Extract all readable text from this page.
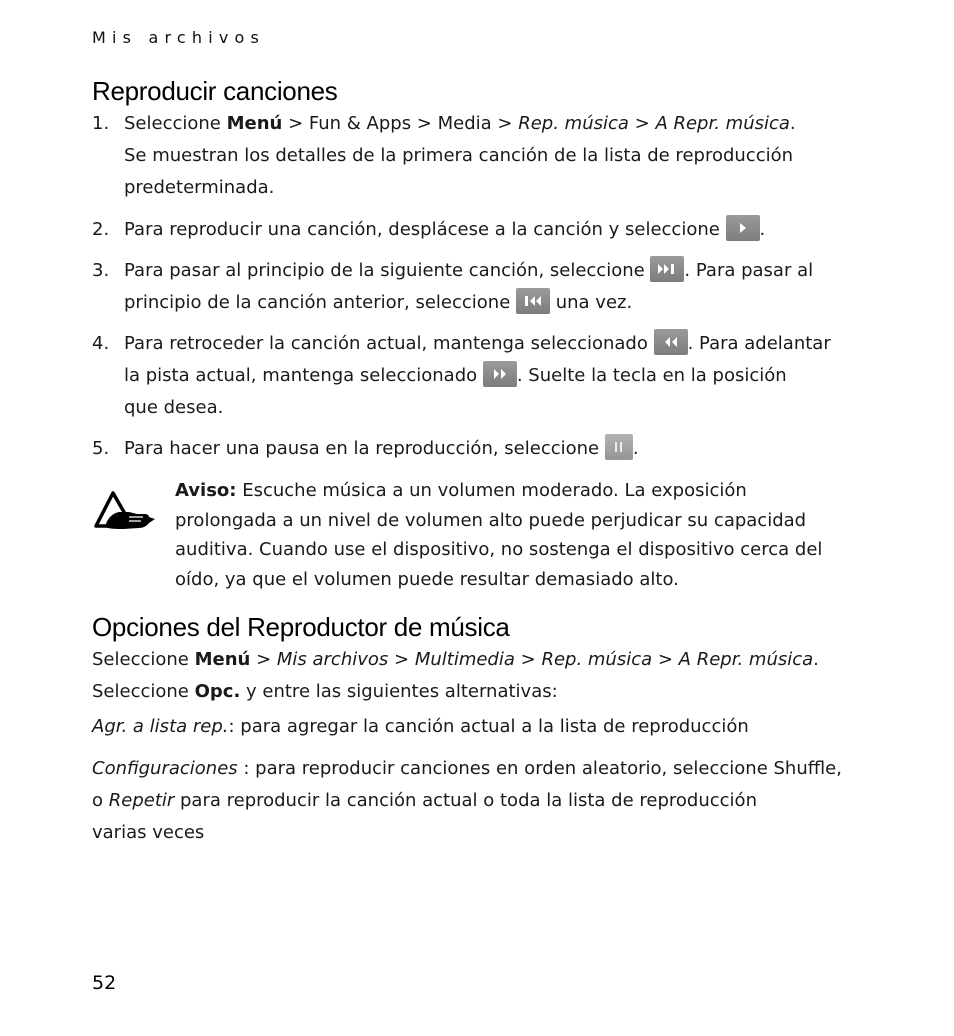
Mis archivos
Reproducir canciones
1. Seleccione Menú > Fun & Apps > Media > Rep. música > A Repr. música.
Se muestran los detalles de la primera canción de la lista de reproducción
predeterminada.
2. Para reproducir una canción, desplácese a la canción y seleccione
.
3. Para pasar al principio de la siguiente canción, seleccione
. Para pasar al
principio de la canción anterior, seleccione
una vez.
4. Para retroceder la canción actual, mantenga seleccionado
. Para adelantar
la pista actual, mantenga seleccionado
. Suelte la tecla en la posición
que desea.
5. Para hacer una pausa en la reproducción, seleccione
.
Aviso: Escuche música a un volumen moderado. La exposición
prolongada a un nivel de volumen alto puede perjudicar su capacidad
auditiva. Cuando use el dispositivo, no sostenga el dispositivo cerca del
oído, ya que el volumen puede resultar demasiado alto.
Opciones del Reproductor de música
Seleccione Menú > Mis archivos > Multimedia > Rep. música > A Repr. música.
Seleccione Opc. y entre las siguientes alternativas:
Agr. a lista rep.: para agregar la canción actual a la lista de reproducción
Configuraciones : para reproducir canciones en orden aleatorio, seleccione Shuffle,
o Repetir para reproducir la canción actual o toda la lista de reproducción
varias veces
52
